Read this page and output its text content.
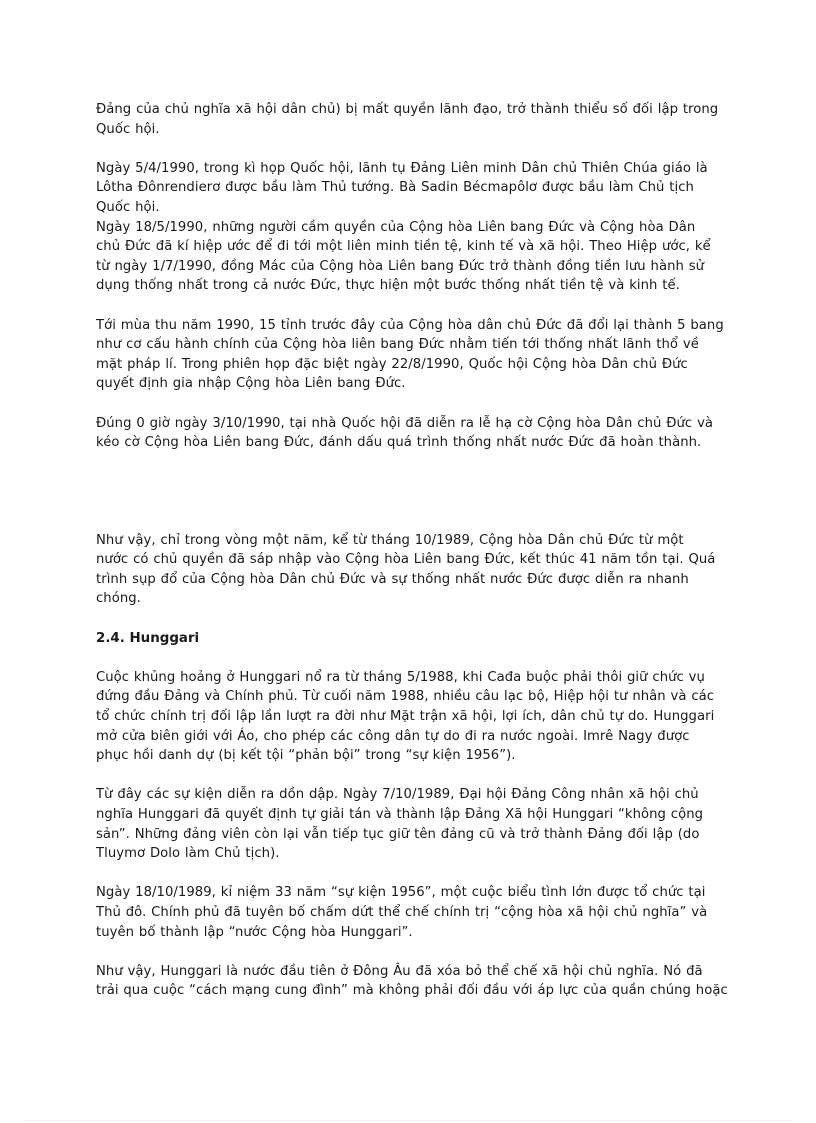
Đảng của chủ nghĩa xã hội dân chủ) bị mất quyền lãnh đạo, trở thành thiểu số đối lập trong
Quốc hội.

Ngày 5/4/1990, trong kì họp Quốc hội, lãnh tụ Đảng Liên minh Dân chủ Thiên Chúa giáo là
Lôtha Đônrendierơ được bầu làm Thủ tướng. Bà Sadin Bécmapôlơ được bầu làm Chủ tịch
Quốc hội.
Ngày 18/5/1990, những người cầm quyền của Cộng hòa Liên bang Đức và Cộng hòa Dân
chủ Đức đã kí hiệp ước để đi tới một liên minh tiền tệ, kinh tế và xã hội. Theo Hiệp ước, kể
từ ngày 1/7/1990, đồng Mác của Cộng hòa Liên bang Đức trở thành đồng tiền lưu hành sử
dụng thống nhất trong cả nước Đức, thực hiện một bước thống nhất tiền tệ và kinh tế.

Tới mùa thu năm 1990, 15 tỉnh trước đây của Cộng hòa dân chủ Đức đã đổi lại thành 5 bang
như cơ cấu hành chính của Cộng hòa liên bang Đức nhằm tiến tới thống nhất lãnh thổ về
mặt pháp lí. Trong phiên họp đặc biệt ngày 22/8/1990, Quốc hội Cộng hòa Dân chủ Đức
quyết định gia nhập Cộng hòa Liên bang Đức.

Đúng 0 giờ ngày 3/10/1990, tại nhà Quốc hội đã diễn ra lễ hạ cờ Cộng hòa Dân chủ Đức và
kéo cờ Cộng hòa Liên bang Đức, đánh dấu quá trình thống nhất nước Đức đã hoàn thành.

Như vậy, chỉ trong vòng một năm, kể từ tháng 10/1989, Cộng hòa Dân chủ Đức từ một
nước có chủ quyền đã sáp nhập vào Cộng hòa Liên bang Đức, kết thúc 41 năm tồn tại. Quá
trình sụp đổ của Cộng hòa Dân chủ Đức và sự thống nhất nước Đức được diễn ra nhanh
chóng.

2.4. Hunggari

Cuộc khủng hoảng ở Hunggari nổ ra từ tháng 5/1988, khi Cađa buộc phải thôi giữ chức vụ
đứng đầu Đảng và Chính phủ. Từ cuối năm 1988, nhiều câu lạc bộ, Hiệp hội tư nhân và các
tổ chức chính trị đối lập lần lượt ra đời như Mặt trận xã hội, lợi ích, dân chủ tự do. Hunggari
mở cửa biên giới với Áo, cho phép các công dân tự do đi ra nước ngoài. Imrê Nagy được
phục hồi danh dự (bị kết tội “phản bội” trong “sự kiện 1956”).

Từ đây các sự kiện diễn ra dồn dập. Ngày 7/10/1989, Đại hội Đảng Công nhân xã hội chủ
nghĩa Hunggari đã quyết định tự giải tán và thành lập Đảng Xã hội Hunggari “không cộng
sản”. Những đảng viên còn lại vẫn tiếp tục giữ tên đảng cũ và trở thành Đảng đối lập (do
Tluymơ Dolo làm Chủ tịch).

Ngày 18/10/1989, kỉ niệm 33 năm “sự kiện 1956”, một cuộc biểu tình lớn được tổ chức tại
Thủ đô. Chính phủ đã tuyên bố chấm dứt thể chế chính trị “cộng hòa xã hội chủ nghĩa” và
tuyên bố thành lập “nước Cộng hòa Hunggari”.

Như vậy, Hunggari là nước đầu tiên ở Đông Âu đã xóa bỏ thể chế xã hội chủ nghĩa. Nó đã
trải qua cuộc “cách mạng cung đình” mà không phải đối đầu với áp lực của quần chúng hoặc
